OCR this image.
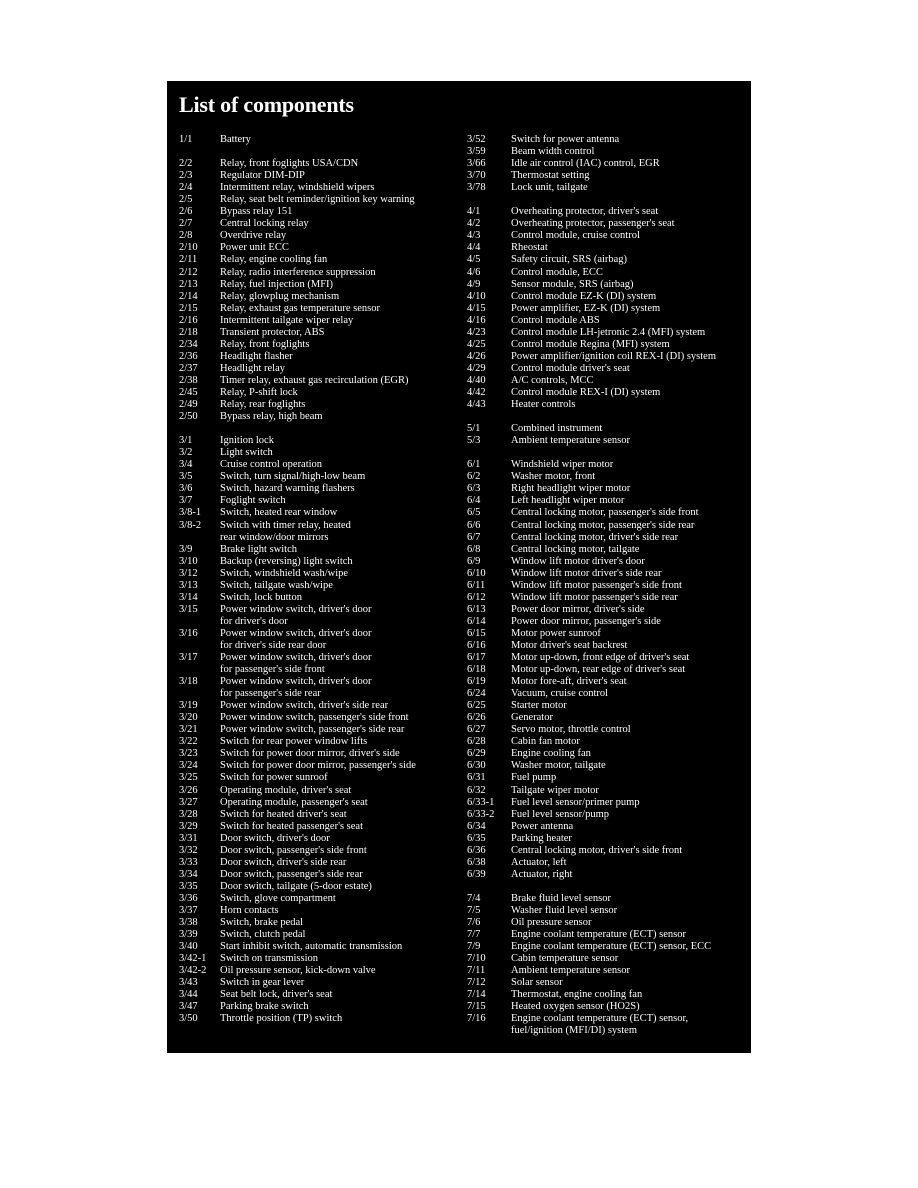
List of components
1/1	Battery
2/2	Relay, front foglights USA/CDN
2/3	Regulator DIM-DIP
2/4	Intermittent relay, windshield wipers
2/5	Relay, seat belt reminder/ignition key warning
2/6	Bypass relay 151
2/7	Central locking relay
2/8	Overdrive relay
2/10 Power unit ECC
2/11 Relay, engine cooling fan
2/12 Relay, radio interference suppression
2/13 Relay, fuel injection (MFI)
2/14 Relay, glowplug mechanism
2/15 Relay, exhaust gas temperature sensor
2/16 Intermittent tailgate wiper relay
2/18 Transient protector, ABS
2/34 Relay, front foglights
2/36 Headlight flasher
2/37 Headlight relay
2/38 Timer relay, exhaust gas recirculation (EGR)
2/45 Relay, P-shift lock
2/49 Relay, rear foglights
2/50 Bypass relay, high beam
3/1	Ignition lock
3/2	Light switch
3/4	Cruise control operation
3/5	Switch, turn signal/high-low beam
3/6	Switch, hazard warning flashers
3/7	Foglight switch
3/8-1 Switch, heated rear window
3/8-2 Switch with timer relay, heated
rear window/door mirrors
3/9	Brake light switch
3/10 Backup (reversing) light switch
3/12 Switch, windshield wash/wipe
3/13 Switch, tailgate wash/wipe
3/14 Switch, lock button
3/15 Power window switch, driver's door
for driver's door
3/16 Power window switch, driver's door
for driver's side rear door
3/17 Power window switch, driver's door
for passenger's side front
3/18 Power window switch, driver's door
for passenger's side rear
3/19 Power window switch, driver's side rear
3/20 Power window switch, passenger's side front
3/21 Power window switch, passenger's side rear
3/22 Switch for rear power window lifts
3/23 Switch for power door mirror, driver's side
3/24 Switch for power door mirror, passenger's side
3/25 Switch for power sunroof
3/26 Operating module, driver's seat
3/27 Operating module, passenger's seat
3/28 Switch for heated driver's seat
3/29 Switch for heated passenger's seat
3/31 Door switch, driver's door
3/32 Door switch, passenger's side front
3/33 Door switch, driver's side rear
3/34 Door switch, passenger's side rear
3/35 Door switch, tailgate (5-door estate)
3/36 Switch, glove compartment
3/37 Horn contacts
3/38 Switch, brake pedal
3/39 Switch, clutch pedal
3/40 Start inhibit switch, automatic transmission
3/42-1 Switch on transmission
3/42-2 Oil pressure sensor, kick-down valve
3/43 Switch in gear lever
3/44 Seat belt lock, driver's seat
3/47 Parking brake switch
3/50 Throttle position (TP) switch
3/52 Switch for power antenna
3/59 Beam width control
3/66 Idle air control (IAC) control, EGR
3/70 Thermostat setting
3/78 Lock unit, tailgate
4/1	Overheating protector, driver's seat
4/2	Overheating protector, passenger's seat
4/3	Control module, cruise control
4/4	Rheostat
4/5	Safety circuit, SRS (airbag)
4/6	Control module, ECC
4/9	Sensor module, SRS (airbag)
4/10 Control module EZ-K (DI) system
4/15 Power amplifier, EZ-K (DI) system
4/16 Control module ABS
4/23 Control module LH-jetronic 2.4 (MFI) system
4/25 Control module Regina (MFI) system
4/26 Power amplifier/ignition coil REX-I (DI) system
4/29 Control module driver's seat
4/40 A/C controls, MCC
4/42 Control module REX-I (DI) system
4/43 Heater controls
5/1	Combined instrument
5/3	Ambient temperature sensor
6/1	Windshield wiper motor
6/2	Washer motor, front
6/3	Right headlight wiper motor
6/4	Left headlight wiper motor
6/5	Central locking motor, passenger's side front
6/6	Central locking motor, passenger's side rear
6/7	Central locking motor, driver's side rear
6/8	Central locking motor, tailgate
6/9	Window lift motor driver's door
6/10 Window lift motor driver's side rear
6/11 Window lift motor passenger's side front
6/12 Window lift motor passenger's side rear
6/13 Power door mirror, driver's side
6/14 Power door mirror, passenger's side
6/15 Motor power sunroof
6/16 Motor driver's seat backrest
6/17 Motor up-down, front edge of driver's seat
6/18 Motor up-down, rear edge of driver's seat
6/19 Motor fore-aft, driver's seat
6/24 Vacuum, cruise control
6/25 Starter motor
6/26 Generator
6/27 Servo motor, throttle control
6/28 Cabin fan motor
6/29 Engine cooling fan
6/30 Washer motor, tailgate
6/31 Fuel pump
6/32 Tailgate wiper motor
6/33-1 Fuel level sensor/primer pump
6/33-2 Fuel level sensor/pump
6/34 Power antenna
6/35 Parking heater
6/36 Central locking motor, driver's side front
6/38 Actuator, left
6/39 Actuator, right
7/4	Brake fluid level sensor
7/5	Washer fluid level sensor
7/6	Oil pressure sensor
7/7	Engine coolant temperature (ECT) sensor
7/9	Engine coolant temperature (ECT) sensor, ECC
7/10 Cabin temperature sensor
7/11 Ambient temperature sensor
7/12 Solar sensor
7/14 Thermostat, engine cooling fan
7/15 Heated oxygen sensor (HO2S)
7/16 Engine coolant temperature (ECT) sensor,
fuel/ignition (MFI/DI) system
